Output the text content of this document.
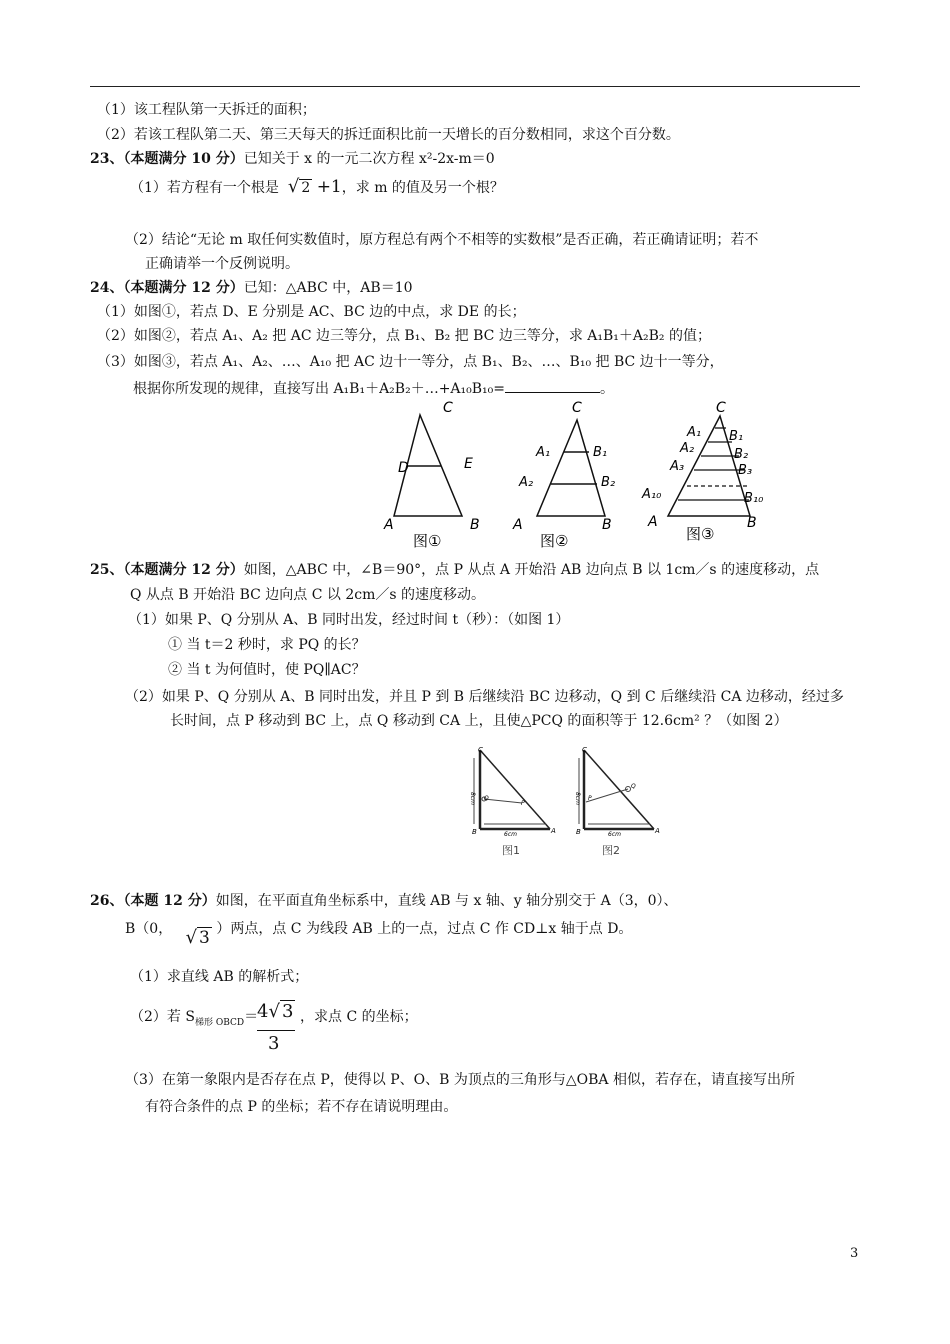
（1）该工程队第一天拆迁的面积；
（2）若该工程队第二天、第三天每天的拆迁面积比前一天增长的百分数相同，求这个百分数。
23、（本题满分 10 分）已知关于 x 的一元二次方程 x²-2x-m＝0
（1）若方程有一个根是 √ 2 +1，求 m 的值及另一个根？
（2）结论“无论 m 取任何实数值时，原方程总有两个不相等的实数根”是否正确，若正确请证明；若不
正确请举一个反例说明。
24、（本题满分 12 分）已知：△ABC 中，AB＝10
（1）如图①，若点 D、E 分别是 AC、BC 边的中点，求 DE 的长；
（2）如图②，若点 A₁、A₂ 把 AC 边三等分，点 B₁、B₂ 把 BC 边三等分，求 A₁B₁＋A₂B₂ 的值；
（3）如图③，若点 A₁、A₂、…、A₁₀ 把 AC 边十一等分，点 B₁、B₂、…、B₁₀ 把 BC 边十一等分，
根据你所发现的规律，直接写出 A₁B₁＋A₂B₂＋…+A₁₀B₁₀=	。
C
D	E
A	B
图①
C
A₁	B₁
A₂	B₂
A	B
图②
C
A₁ B₁
A₂	B₂
A₃	B₃
A₁₀	B₁₀
A	B
图③
25、（本题满分 12 分）如图，△ABC 中，∠B＝90°，点 P 从点 A 开始沿 AB 边向点 B 以 1cm／s 的速度移动，点
Q 从点 B 开始沿 BC 边向点 C 以 2cm／s 的速度移动。
（1）如果 P、Q 分别从 A、B 同时出发，经过时间 t（秒）：（如图 1）
① 当 t＝2 秒时，求 PQ 的长？
② 当 t 为何值时，使 PQ∥AC？
（2）如果 P、Q 分别从 A、B 同时出发，并且 P 到 B 后继续沿 BC 边移动，Q 到 C 后继续沿 CA 边移动，经过多
长时间，点 P 移动到 BC 上，点 Q 移动到 CA 上，且使△PCQ 的面积等于 12.6cm² ？（如图 2）
C
Q
P
B	A
6cm
8cm
图1
C
Q
P
B	A
6cm
8cm
图2
26、（本题 12 分）如图，在平面直角坐标系中，直线 AB 与 x 轴、y 轴分别交于 A（3，0）、
B（0， √ 3 ）两点，点 C 为线段 AB 上的一点，过点 C 作 CD⊥x 轴于点 D。
（1）求直线 AB 的解析式；
（2）若 $S_{梯形 OBCD}=$
4√ 3
3
，求点 C 的坐标；
（3）在第一象限内是否存在点 P，使得以 P、O、B 为顶点的三角形与△OBA 相似，若存在，请直接写出所
有符合条件的点 P 的坐标；若不存在请说明理由。
3
